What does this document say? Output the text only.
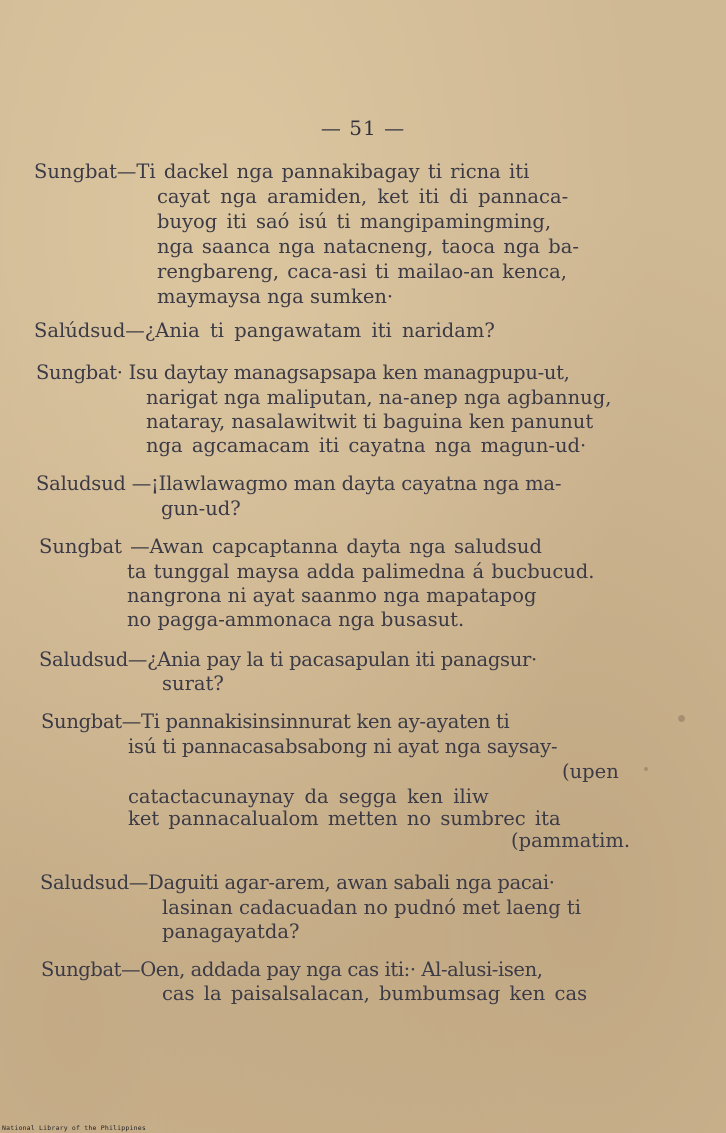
— 51 —
Sungbat—Ti dackel nga pannakibagay ti ricna iti
cayat nga aramiden, ket iti di pannaca-
buyog iti saó isú ti mangipamingming,
nga saanca nga natacneng, taoca nga ba-
rengbareng, caca-asi ti mailao-an kenca,
maymaysa nga sumken·
Salúdsud—¿Ania ti pangawatam iti naridam?
Sungbat· Isu daytay managsapsapa ken managpupu-ut,
narigat nga maliputan, na-anep nga agbannug,
nataray, nasalawitwit ti baguina ken panunut
nga agcamacam iti cayatna nga magun-ud·
Saludsud —¡Ilawlawagmo man dayta cayatna nga ma-
gun-ud?
Sungbat —Awan capcaptanna dayta nga saludsud
ta tunggal maysa adda palimedna á bucbucud.
nangrona ni ayat saanmo nga mapatapog
no pagga-ammonaca nga busasut.
Saludsud—¿Ania pay la ti pacasapulan iti panagsur·
surat?
Sungbat—Ti pannakisinsinnurat ken ay-ayaten ti
isú ti pannacasabsabong ni ayat nga saysay-
(upen
catactacunaynay da segga ken iliw
ket pannacalualom metten no sumbrec ita
(pammatim.
Saludsud—Daguiti agar-arem, awan sabali nga pacai·
lasinan cadacuadan no pudnó met laeng ti
panagayatda?
Sungbat—Oen, addada pay nga cas iti:· Al-alusi-isen,
cas la paisalsalacan, bumbumsag ken cas
National Library of the Philippines
